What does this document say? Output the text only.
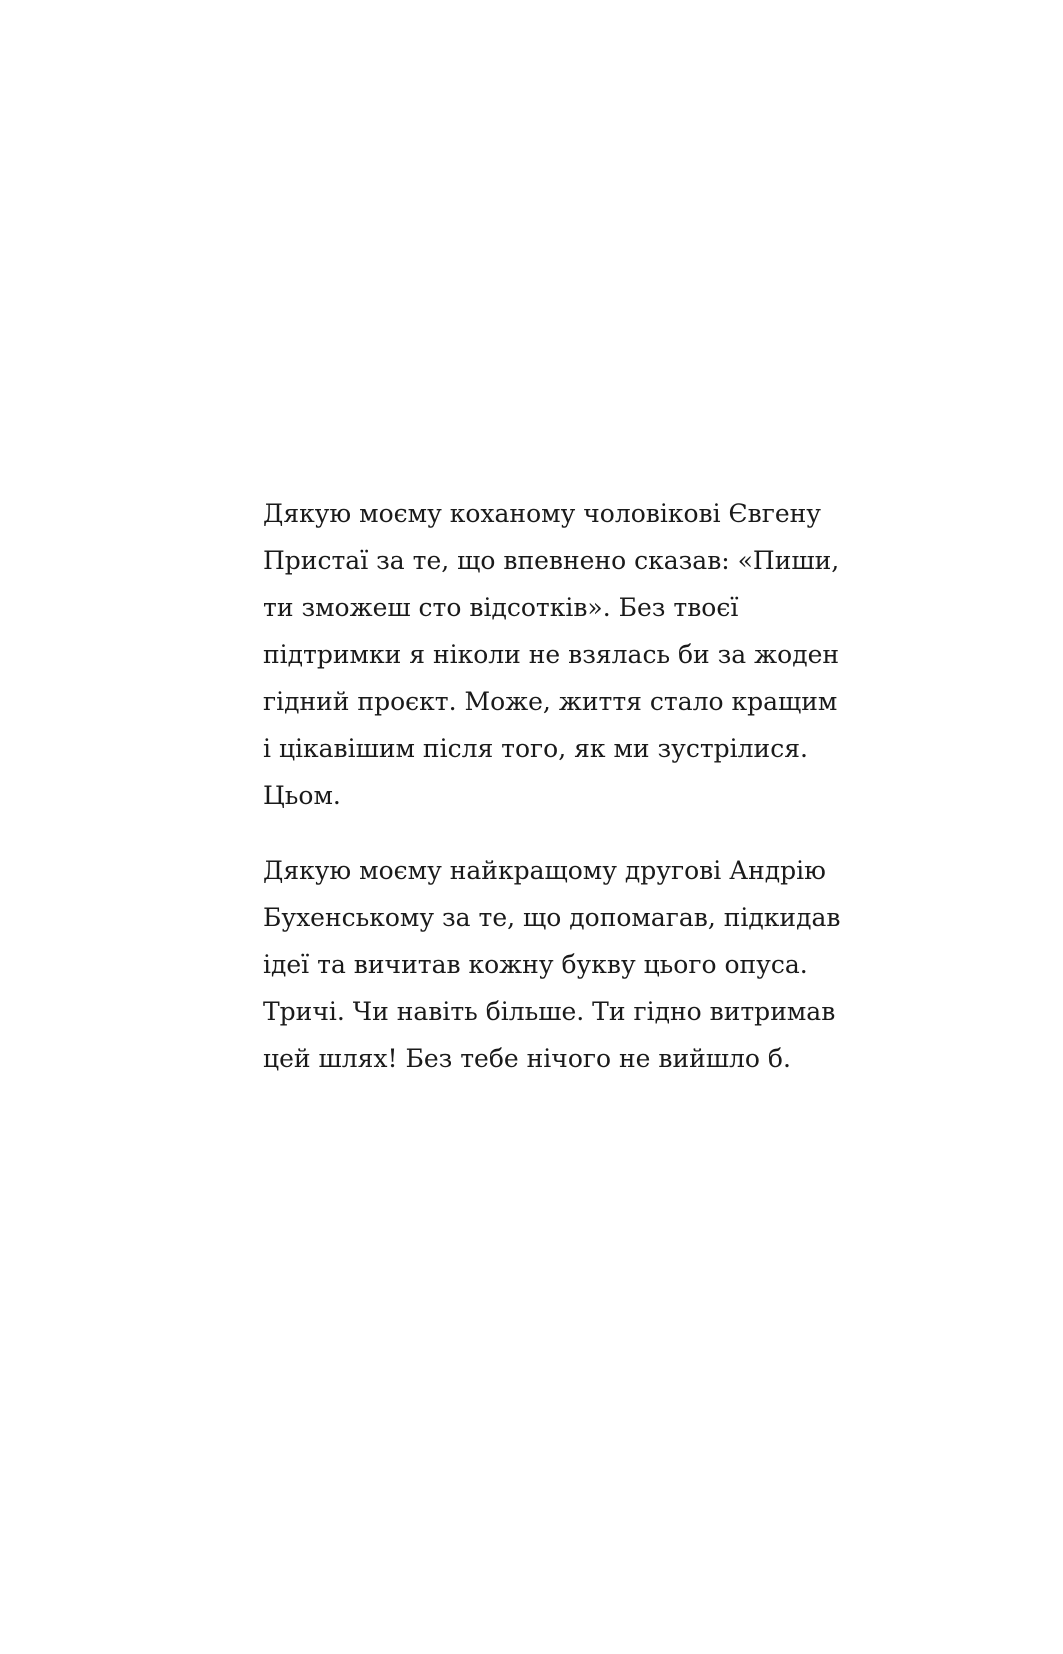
Дякую моєму коханому чоловікові Євгену
Пристаї за те, що впевнено сказав: «Пиши,
ти зможеш сто відсотків». Без твоєї
підтримки я ніколи не взялась би за жоден
гідний проєкт. Може, життя стало кращим
і цікавішим після того, як ми зустрілися.
Цьом.
Дякую моєму найкращому другові Андрію
Бухенському за те, що допомагав, підкидав
ідеї та вичитав кожну букву цього опуса.
Тричі. Чи навіть більше. Ти гідно витримав
цей шлях! Без тебе нічого не вийшло б.
